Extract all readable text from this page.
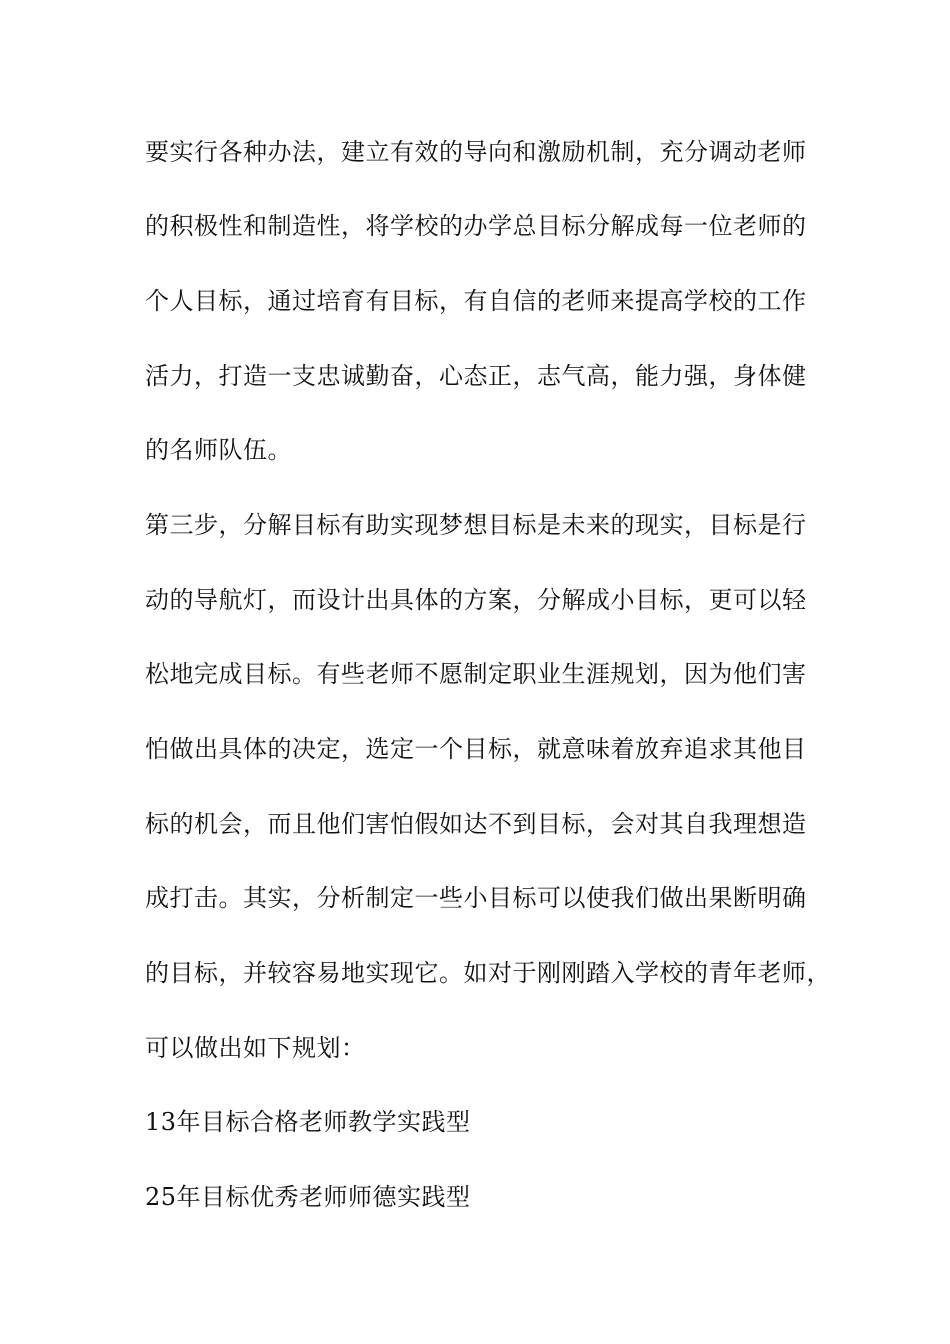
要实行各种办法，建立有效的导向和激励机制，充分调动老师
的积极性和制造性，将学校的办学总目标分解成每一位老师的
个人目标，通过培育有目标，有自信的老师来提高学校的工作
活力，打造一支忠诚勤奋，心态正，志气高，能力强，身体健
的名师队伍。
第三步，分解目标有助实现梦想目标是未来的现实，目标是行
动的导航灯，而设计出具体的方案，分解成小目标，更可以轻
松地完成目标。有些老师不愿制定职业生涯规划，因为他们害
怕做出具体的决定，选定一个目标，就意味着放弃追求其他目
标的机会，而且他们害怕假如达不到目标，会对其自我理想造
成打击。其实，分析制定一些小目标可以使我们做出果断明确
的目标，并较容易地实现它。如对于刚刚踏入学校的青年老师，
可以做出如下规划：
13年目标合格老师教学实践型
25年目标优秀老师师德实践型
